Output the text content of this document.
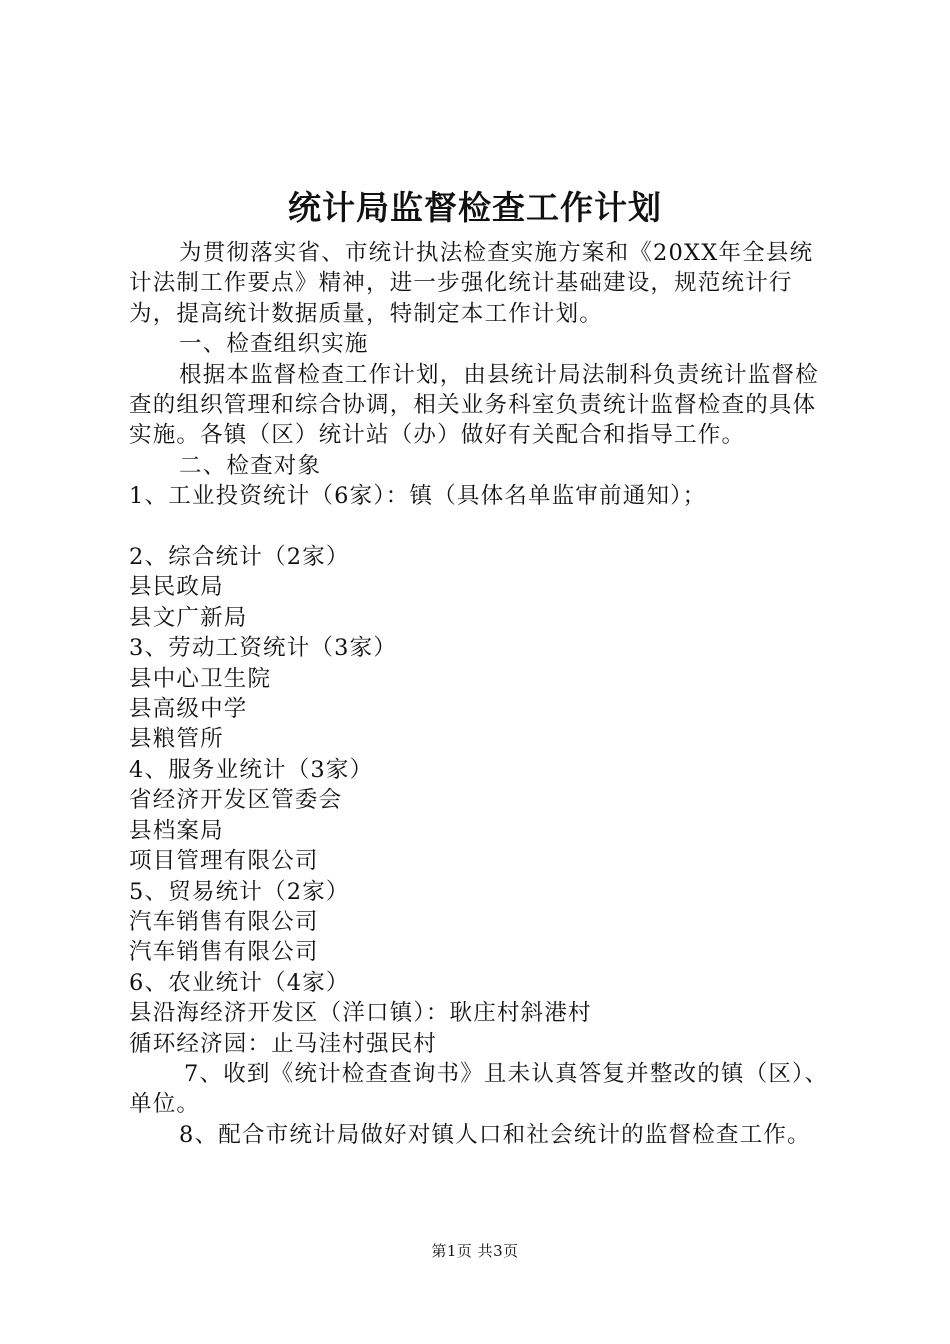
统计局监督检查工作计划

为贯彻落实省、市统计执法检查实施方案和《20XX年全县统计法制工作要点》精神，进一步强化统计基础建设，规范统计行为，提高统计数据质量，特制定本工作计划。

一、检查组织实施

根据本监督检查工作计划，由县统计局法制科负责统计监督检查的组织管理和综合协调，相关业务科室负责统计监督检查的具体实施。各镇（区）统计站（办）做好有关配合和指导工作。

二、检查对象

1、工业投资统计（6家）：镇（具体名单监审前通知）；

2、综合统计（2家）

县民政局

县文广新局

3、劳动工资统计（3家）

县中心卫生院

县高级中学

县粮管所

4、服务业统计（3家）

省经济开发区管委会

县档案局

项目管理有限公司

5、贸易统计（2家）

汽车销售有限公司

汽车销售有限公司

6、农业统计（4家）

县沿海经济开发区（洋口镇）：耿庄村斜港村

循环经济园：止马洼村强民村

7、收到《统计检查查询书》且未认真答复并整改的镇（区）、单位。

8、配合市统计局做好对镇人口和社会统计的监督检查工作。

第1页 共3页
